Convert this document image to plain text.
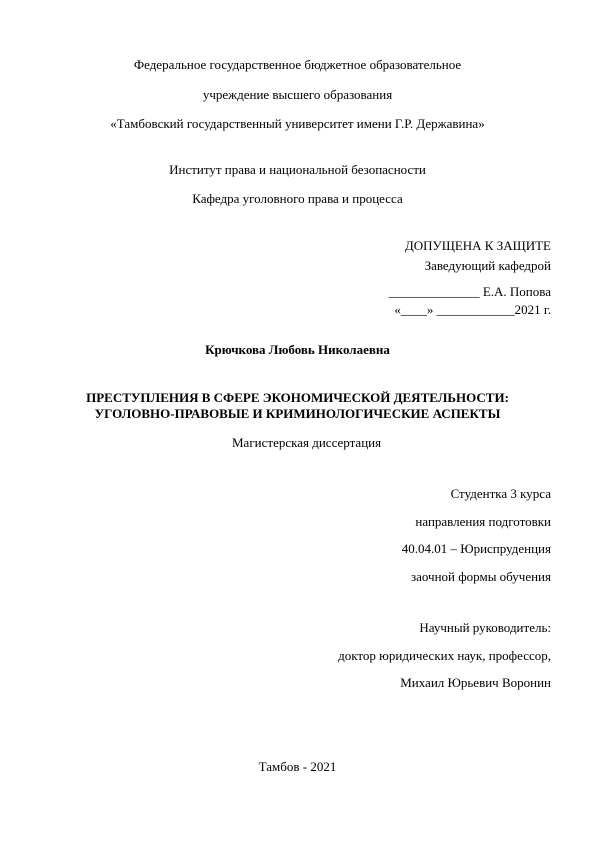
Федеральное государственное бюджетное образовательное
учреждение высшего образования
«Тамбовский государственный университет имени Г.Р. Державина»
Институт права и национальной безопасности
Кафедра уголовного права и процесса
ДОПУЩЕНА К ЗАЩИТЕ
Заведующий кафедрой
______________ Е.А. Попова
«____» ____________2021 г.
Крючкова Любовь Николаевна
ПРЕСТУПЛЕНИЯ В СФЕРЕ ЭКОНОМИЧЕСКОЙ ДЕЯТЕЛЬНОСТИ:
УГОЛОВНО-ПРАВОВЫЕ И КРИМИНОЛОГИЧЕСКИЕ АСПЕКТЫ
Магистерская диссертация
Студентка 3 курса
направления подготовки
40.04.01 – Юриспруденция
заочной формы обучения
Научный руководитель:
доктор юридических наук, профессор,
Михаил Юрьевич Воронин
Тамбов - 2021
